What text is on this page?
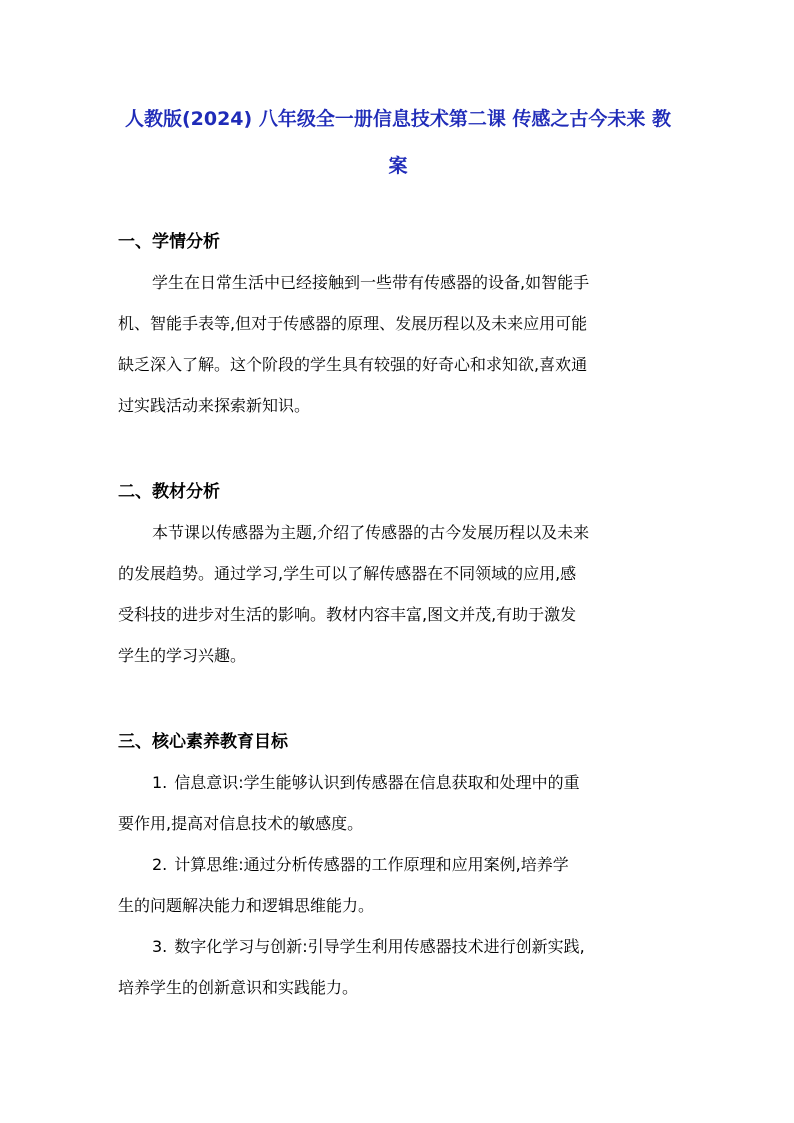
人教版(2024) 八年级全一册信息技术第二课 传感之古今未来 教
案
一、学情分析
学生在日常生活中已经接触到一些带有传感器的设备,如智能手
机、智能手表等,但对于传感器的原理、发展历程以及未来应用可能
缺乏深入了解。这个阶段的学生具有较强的好奇心和求知欲,喜欢通
过实践活动来探索新知识。
二、教材分析
本节课以传感器为主题,介绍了传感器的古今发展历程以及未来
的发展趋势。通过学习,学生可以了解传感器在不同领域的应用,感
受科技的进步对生活的影响。教材内容丰富,图文并茂,有助于激发
学生的学习兴趣。
三、核心素养教育目标
1. 信息意识:学生能够认识到传感器在信息获取和处理中的重
要作用,提高对信息技术的敏感度。
2. 计算思维:通过分析传感器的工作原理和应用案例,培养学
生的问题解决能力和逻辑思维能力。
3. 数字化学习与创新:引导学生利用传感器技术进行创新实践,
培养学生的创新意识和实践能力。
